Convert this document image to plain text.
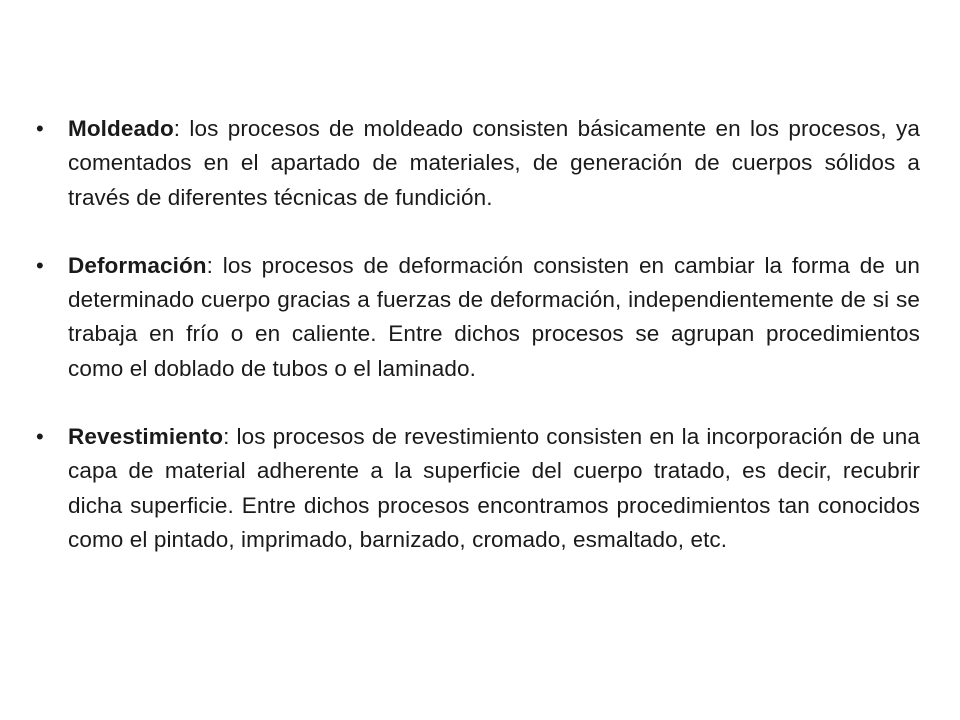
•	Moldeado: los procesos de moldeado consisten básicamente en los procesos, ya comentados en el apartado de materiales, de generación de cuerpos sólidos a través de diferentes técnicas de fundición.
•	Deformación: los procesos de deformación consisten en cambiar la forma de un determinado cuerpo gracias a fuerzas de deformación, independientemente de si se trabaja en frío o en caliente. Entre dichos procesos se agrupan procedimientos como el doblado de tubos o el laminado.
•	Revestimiento: los procesos de revestimiento consisten en la incorporación de una capa de material adherente a la superficie del cuerpo tratado, es decir, recubrir dicha superficie. Entre dichos procesos encontramos procedimientos tan conocidos como el pintado, imprimado, barnizado, cromado, esmaltado, etc.
